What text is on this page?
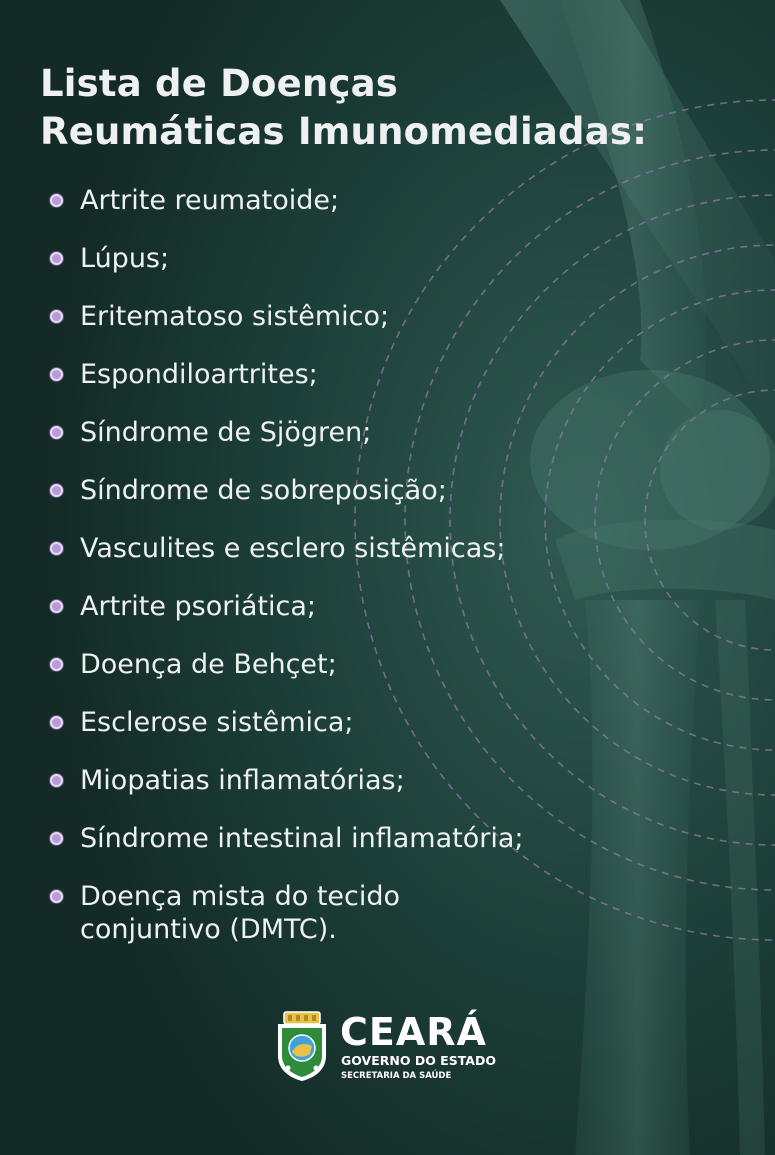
Lista de Doenças
Reumáticas Imunomediadas:
Artrite reumatoide;
Lúpus;
Eritematoso sistêmico;
Espondiloartrites;
Síndrome de Sjögren;
Síndrome de sobreposição;
Vasculites e esclero sistêmicas;
Artrite psoriática;
Doença de Behçet;
Esclerose sistêmica;
Miopatias inflamatórias;
Síndrome intestinal inflamatória;
Doença mista do tecido conjuntivo (DMTC).
CEARÁ
GOVERNO DO ESTADO
SECRETARIA DA SAÚDE
